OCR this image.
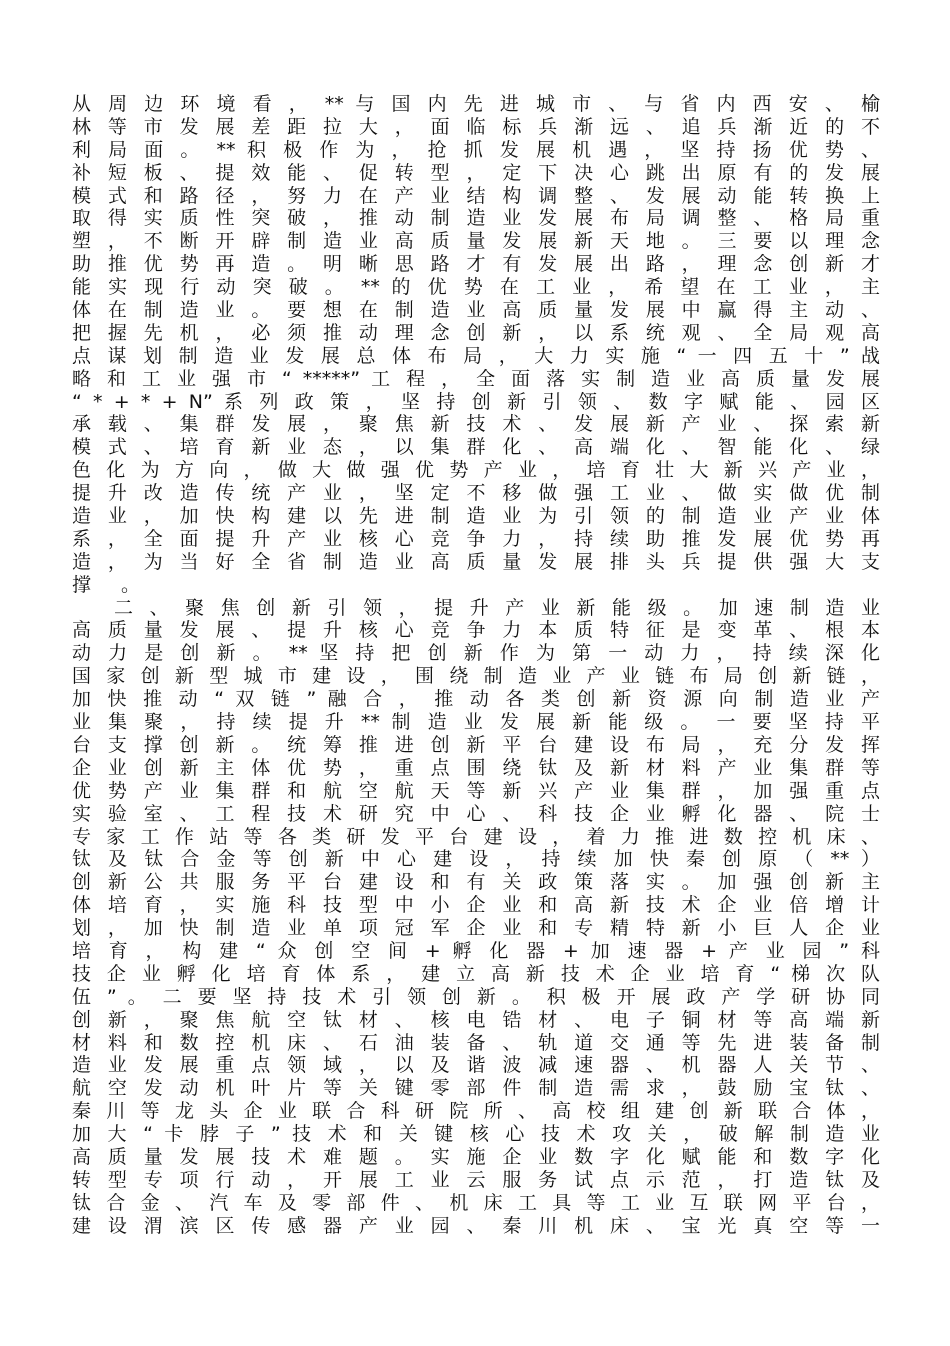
从 周 边 环 境 看 ， ** 与 国 内 先 进 城 市 、 与 省 内 西 安 、 榆
林 等 市 发 展 差 距 拉 大 ， 面 临 标 兵 渐 远 、 追 兵 渐 近 的 不
利 局 面 。 ** 积 极 作 为 ， 抢 抓 发 展 机 遇 ， 坚 持 扬 优 势 、
补 短 板 、 提 效 能 、 促 转 型 ， 定 下 决 心 跳 出 原 有 的 发 展
模 式 和 路 径 ， 努 力 在 产 业 结 构 调 整 、 发 展 动 能 转 换 上
取 得 实 质 性 突 破 ， 推 动 制 造 业 发 展 布 局 调 整 、 格 局 重
塑 ， 不 断 开 辟 制 造 业 高 质 量 发 展 新 天 地 。 三 要 以 理 念
助 推 优 势 再 造 。 明 晰 思 路 才 有 发 展 出 路 ， 理 念 创 新 才
能 实 现 行 动 突 破 。 ** 的 优 势 在 工 业 ， 希 望 在 工 业 ， 主
体 在 制 造 业 。 要 想 在 制 造 业 高 质 量 发 展 中 赢 得 主 动 、
把 握 先 机 ， 必 须 推 动 理 念 创 新 ， 以 系 统 观 、 全 局 观 高
点 谋 划 制 造 业 发 展 总 体 布 局 ， 大 力 实 施 “ 一 四 五 十 ” 战
略 和 工 业 强 市 “ *****” 工 程 ， 全 面 落 实 制 造 业 高 质 量 发 展
“ * + * + N” 系 列 政 策 ， 坚 持 创 新 引 领 、 数 字 赋 能 、 园 区
承 载 、 集 群 发 展 ， 聚 焦 新 技 术 、 发 展 新 产 业 、 探 索 新
模 式 、 培 育 新 业 态 ， 以 集 群 化 、 高 端 化 、 智 能 化 、 绿
色 化 为 方 向 ， 做 大 做 强 优 势 产 业 ， 培 育 壮 大 新 兴 产 业 ，
提 升 改 造 传 统 产 业 ， 坚 定 不 移 做 强 工 业 、 做 实 做 优 制
造 业 ， 加 快 构 建 以 先 进 制 造 业 为 引 领 的 制 造 业 产 业 体
系 ， 全 面 提 升 产 业 核 心 竞 争 力 ， 持 续 助 推 发 展 优 势 再
造 ， 为 当 好 全 省 制 造 业 高 质 量 发 展 排 头 兵 提 供 强 大 支
撑 。
二 、 聚 焦 创 新 引 领 ， 提 升 产 业 新 能 级 。 加 速 制 造 业
高 质 量 发 展 、 提 升 核 心 竞 争 力 本 质 特 征 是 变 革 、 根 本
动 力 是 创 新 。 ** 坚 持 把 创 新 作 为 第 一 动 力 ， 持 续 深 化
国 家 创 新 型 城 市 建 设 ， 围 绕 制 造 业 产 业 链 布 局 创 新 链 ，
加 快 推 动 “ 双 链 ” 融 合 ， 推 动 各 类 创 新 资 源 向 制 造 业 产
业 集 聚 ， 持 续 提 升 ** 制 造 业 发 展 新 能 级 。 一 要 坚 持 平
台 支 撑 创 新 。 统 筹 推 进 创 新 平 台 建 设 布 局 ， 充 分 发 挥
企 业 创 新 主 体 优 势 ， 重 点 围 绕 钛 及 新 材 料 产 业 集 群 等
优 势 产 业 集 群 和 航 空 航 天 等 新 兴 产 业 集 群 ， 加 强 重 点
实 验 室 、 工 程 技 术 研 究 中 心 、 科 技 企 业 孵 化 器 、 院 士
专 家 工 作 站 等 各 类 研 发 平 台 建 设 ， 着 力 推 进 数 控 机 床 、
钛 及 钛 合 金 等 创 新 中 心 建 设 ， 持 续 加 快 秦 创 原 （ ** ）
创 新 公 共 服 务 平 台 建 设 和 有 关 政 策 落 实 。 加 强 创 新 主
体 培 育 ， 实 施 科 技 型 中 小 企 业 和 高 新 技 术 企 业 倍 增 计
划 ， 加 快 制 造 业 单 项 冠 军 企 业 和 专 精 特 新 小 巨 人 企 业
培 育 ， 构 建 “ 众 创 空 间 + 孵 化 器 + 加 速 器 + 产 业 园 ” 科
技 企 业 孵 化 培 育 体 系 ， 建 立 高 新 技 术 企 业 培 育 “ 梯 次 队
伍 ” 。 二 要 坚 持 技 术 引 领 创 新 。 积 极 开 展 政 产 学 研 协 同
创 新 ， 聚 焦 航 空 钛 材 、 核 电 锆 材 、 电 子 铜 材 等 高 端 新
材 料 和 数 控 机 床 、 石 油 装 备 、 轨 道 交 通 等 先 进 装 备 制
造 业 发 展 重 点 领 域 ， 以 及 谐 波 减 速 器 、 机 器 人 关 节 、
航 空 发 动 机 叶 片 等 关 键 零 部 件 制 造 需 求 ， 鼓 励 宝 钛 、
秦 川 等 龙 头 企 业 联 合 科 研 院 所 、 高 校 组 建 创 新 联 合 体 ，
加 大 “ 卡 脖 子 ” 技 术 和 关 键 核 心 技 术 攻 关 ， 破 解 制 造 业
高 质 量 发 展 技 术 难 题 。 实 施 企 业 数 字 化 赋 能 和 数 字 化
转 型 专 项 行 动 ， 开 展 工 业 云 服 务 试 点 示 范 ， 打 造 钛 及
钛 合 金 、 汽 车 及 零 部 件 、 机 床 工 具 等 工 业 互 联 网 平 台 ，
建 设 渭 滨 区 传 感 器 产 业 园 、 秦 川 机 床 、 宝 光 真 空 等 一
